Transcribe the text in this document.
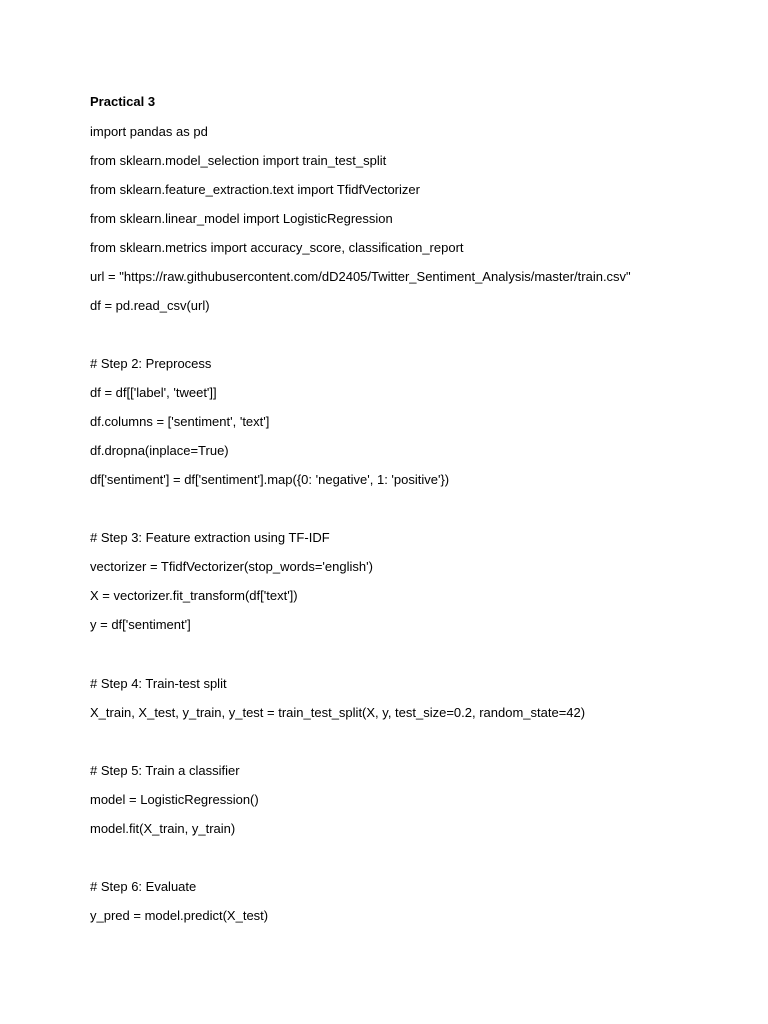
Practical 3
import pandas as pd
from sklearn.model_selection import train_test_split
from sklearn.feature_extraction.text import TfidfVectorizer
from sklearn.linear_model import LogisticRegression
from sklearn.metrics import accuracy_score, classification_report
url = "https://raw.githubusercontent.com/dD2405/Twitter_Sentiment_Analysis/master/train.csv"
df = pd.read_csv(url)
# Step 2: Preprocess
df = df[['label', 'tweet']]
df.columns = ['sentiment', 'text']
df.dropna(inplace=True)
df['sentiment'] = df['sentiment'].map({0: 'negative', 1: 'positive'})
# Step 3: Feature extraction using TF-IDF
vectorizer = TfidfVectorizer(stop_words='english')
X = vectorizer.fit_transform(df['text'])
y = df['sentiment']
# Step 4: Train-test split
X_train, X_test, y_train, y_test = train_test_split(X, y, test_size=0.2, random_state=42)
# Step 5: Train a classifier
model = LogisticRegression()
model.fit(X_train, y_train)
# Step 6: Evaluate
y_pred = model.predict(X_test)
